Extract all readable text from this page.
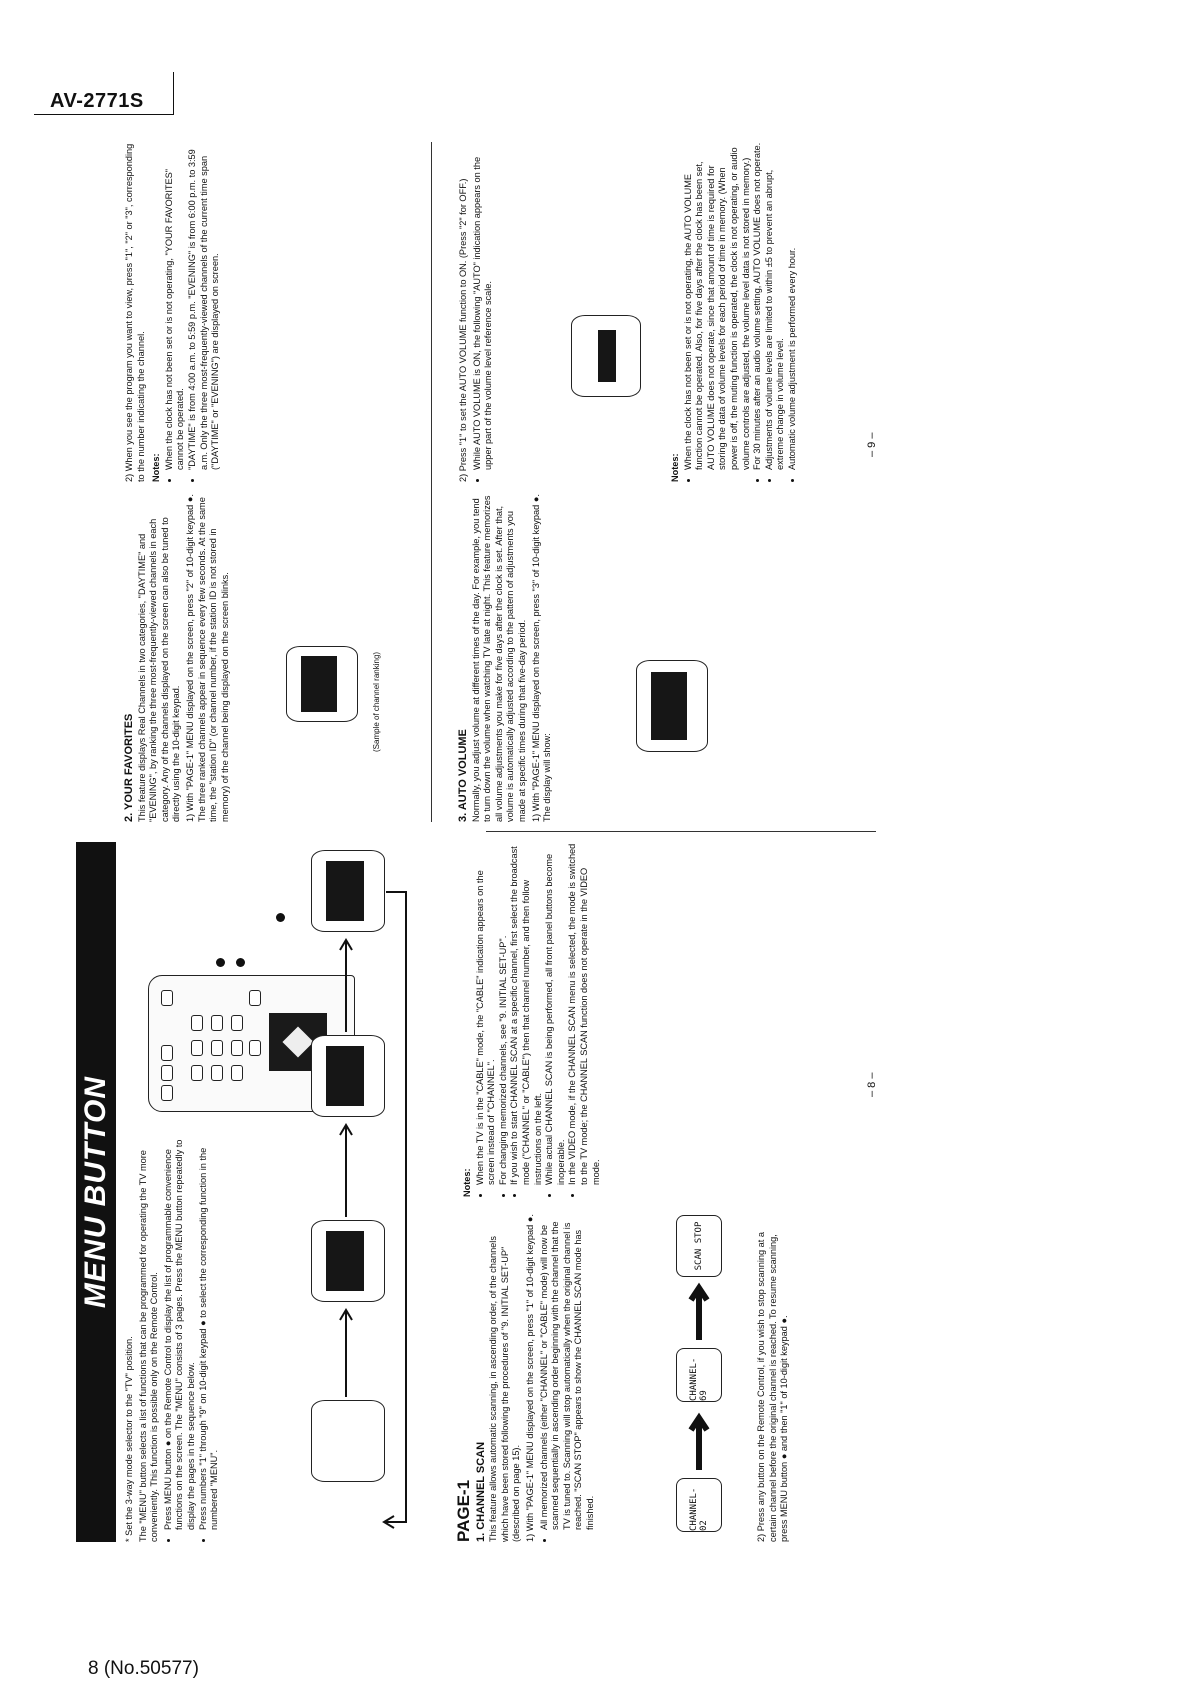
AV-2771S
MENU BUTTON

* Set the 3-way mode selector to the "TV" position. The "MENU" button selects a list of functions that can be programmed for operating the TV more conveniently. This function is possible only on the Remote Control. • Press MENU button ● on the Remote Control to display the list of programmable convenience functions on the screen. The "MENU" consists of 3 pages. Press the MENU button repeatedly to display the pages in the sequence below. • Press numbers "1" through "9" on 10-digit keypad ● to select the corresponding function in the numbered "MENU".	PAGE-1 1. CHANNEL SCAN This feature allows automatic scanning, in ascending order, of the channels which have been stored following the procedures of "9. INITIAL SET-UP" (described on page 15). 1) With "PAGE-1" MENU displayed on the screen, press "1" of 10-digit keypad ●. • All memorized channels (either "CHANNEL" or "CABLE" mode) will now be scanned sequentially in ascending order beginning with the channel that the TV is tuned to. Scanning will stop automatically when the original channel is reached. "SCAN STOP" appears to show the CHANNEL SCAN mode has finished.	CHANNEL-02
CHANNEL-69
SCAN STOP	2) Press any button on the Remote Control, if you wish to stop scanning at a certain channel before the original channel is reached. To resume scanning, press MENU button ● and then "1" of 10-digit keypad ●.

Notes: • When the TV is in the "CABLE" mode, the "CABLE" indication appears on the screen instead of "CHANNEL". • For changing memorized channels, see "9. INITIAL SET-UP". • If you wish to start CHANNEL SCAN at a specific channel, first select the broadcast mode ("CHANNEL" or "CABLE") then that channel number, and then follow instructions on the left. • While actual CHANNEL SCAN is being performed, all front panel buttons become inoperable. • In the VIDEO mode, if the CHANNEL SCAN menu is selected, the mode is switched to the TV mode; the CHANNEL SCAN function does not operate in the VIDEO mode.
– 8 –
2. YOUR FAVORITES This feature displays Real Channels in two categories, "DAYTIME" and "EVENING", by ranking the three most-frequently-viewed channels in each category. Any of the channels displayed on the screen can also be tuned to directly using the 10-digit keypad. 1) With "PAGE-1" MENU displayed on the screen, press "2" of 10-digit keypad ●. The three ranked channels appear in sequence every few seconds. At the same time, the "station ID" (or channel number, if the station ID is not stored in memory) of the channel being displayed on the screen blinks.	(Sample of channel ranking)

2) When you see the program you want to view, press "1", "2" or "3", corresponding to the number indicating the channel. Notes: • When the clock has not been set or is not operating, "YOUR FAVORITES" cannot be operated. • "DAYTIME" is from 4:00 a.m. to 5:59 p.m. "EVENING" is from 6:00 p.m. to 3:59 a.m. Only the three most-frequently-viewed channels of the current time span ("DAYTIME" or "EVENING") are displayed on screen.
3. AUTO VOLUME Normally, you adjust volume at different times of the day. For example, you tend to turn down the volume when watching TV late at night. This feature memorizes all volume adjustments you make for five days after the clock is set. After that, volume is automatically adjusted according to the pattern of adjustments you made at specific times during that five-day period. 1) With "PAGE-1" MENU displayed on the screen, press "3" of 10-digit keypad ●. The display will show:

2) Press "1" to set the AUTO VOLUME function to ON. (Press "2" for OFF.) • While AUTO VOLUME is ON, the following "AUTO" indication appears on the upper part of the volume level reference scale.	Notes: • When the clock has not been set or is not operating, the AUTO VOLUME function cannot be operated. Also, for five days after the clock has been set, AUTO VOLUME does not operate, since that amount of time is required for storing the data of volume levels for each period of time in memory. (When power is off, the muting function is operated, the clock is not operating, or audio volume controls are adjusted, the volume level data is not stored in memory.) • For 30 minutes after an audio volume setting, AUTO VOLUME does not operate. • Adjustments of volume levels are limited to within ±5 to prevent an abrupt, extreme change in volume level. • Automatic volume adjustment is performed every hour.	– 9 –
8 (No.50577)
